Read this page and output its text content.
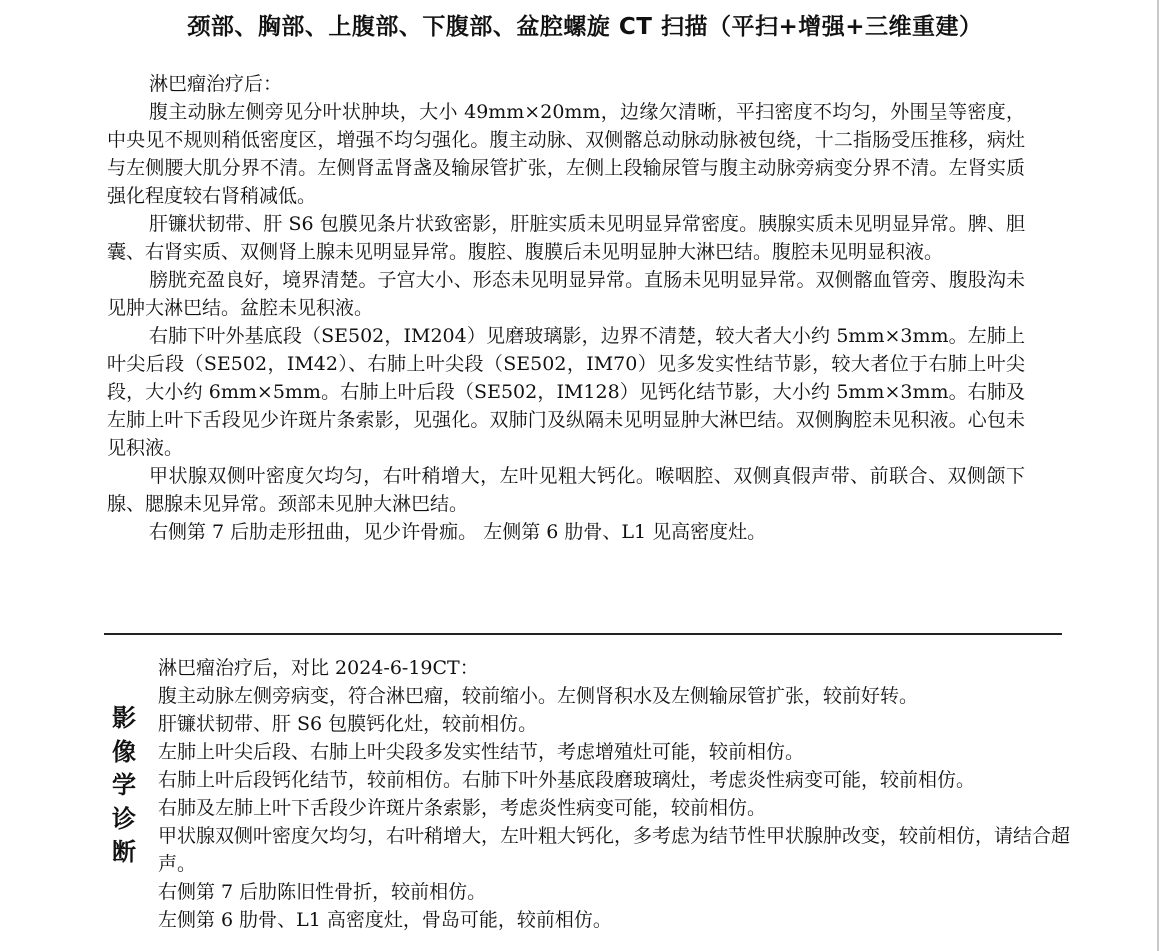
颈部、胸部、上腹部、下腹部、盆腔螺旋 CT 扫描（平扫+增强+三维重建）

淋巴瘤治疗后：

腹主动脉左侧旁见分叶状肿块，大小 49mm×20mm，边缘欠清晰，平扫密度不均匀，外围呈等密度，中央见不规则稍低密度区，增强不均匀强化。腹主动脉、双侧髂总动脉动脉被包绕，十二指肠受压推移，病灶与左侧腰大肌分界不清。左侧肾盂肾盏及输尿管扩张，左侧上段输尿管与腹主动脉旁病变分界不清。左肾实质强化程度较右肾稍减低。

肝镰状韧带、肝 S6 包膜见条片状致密影，肝脏实质未见明显异常密度。胰腺实质未见明显异常。脾、胆囊、右肾实质、双侧肾上腺未见明显异常。腹腔、腹膜后未见明显肿大淋巴结。腹腔未见明显积液。

膀胱充盈良好，境界清楚。子宫大小、形态未见明显异常。直肠未见明显异常。双侧髂血管旁、腹股沟未见肿大淋巴结。盆腔未见积液。

右肺下叶外基底段（SE502，IM204）见磨玻璃影，边界不清楚，较大者大小约 5mm×3mm。左肺上叶尖后段（SE502，IM42）、右肺上叶尖段（SE502，IM70）见多发实性结节影，较大者位于右肺上叶尖段，大小约 6mm×5mm。右肺上叶后段（SE502，IM128）见钙化结节影，大小约 5mm×3mm。右肺及左肺上叶下舌段见少许斑片条索影，见强化。双肺门及纵隔未见明显肿大淋巴结。双侧胸腔未见积液。心包未见积液。

甲状腺双侧叶密度欠均匀，右叶稍增大，左叶见粗大钙化。喉咽腔、双侧真假声带、前联合、双侧颌下腺、腮腺未见异常。颈部未见肿大淋巴结。

右侧第 7 后肋走形扭曲，见少许骨痂。 左侧第 6 肋骨、L1 见高密度灶。

影
像
学
诊
断

淋巴瘤治疗后，对比 2024-6-19CT：

腹主动脉左侧旁病变，符合淋巴瘤，较前缩小。左侧肾积水及左侧输尿管扩张，较前好转。

肝镰状韧带、肝 S6 包膜钙化灶，较前相仿。

左肺上叶尖后段、右肺上叶尖段多发实性结节，考虑增殖灶可能，较前相仿。

右肺上叶后段钙化结节，较前相仿。右肺下叶外基底段磨玻璃灶，考虑炎性病变可能，较前相仿。

右肺及左肺上叶下舌段少许斑片条索影，考虑炎性病变可能，较前相仿。

甲状腺双侧叶密度欠均匀，右叶稍增大，左叶粗大钙化，多考虑为结节性甲状腺肿改变，较前相仿，请结合超声。

右侧第 7 后肋陈旧性骨折，较前相仿。

左侧第 6 肋骨、L1 高密度灶，骨岛可能，较前相仿。
